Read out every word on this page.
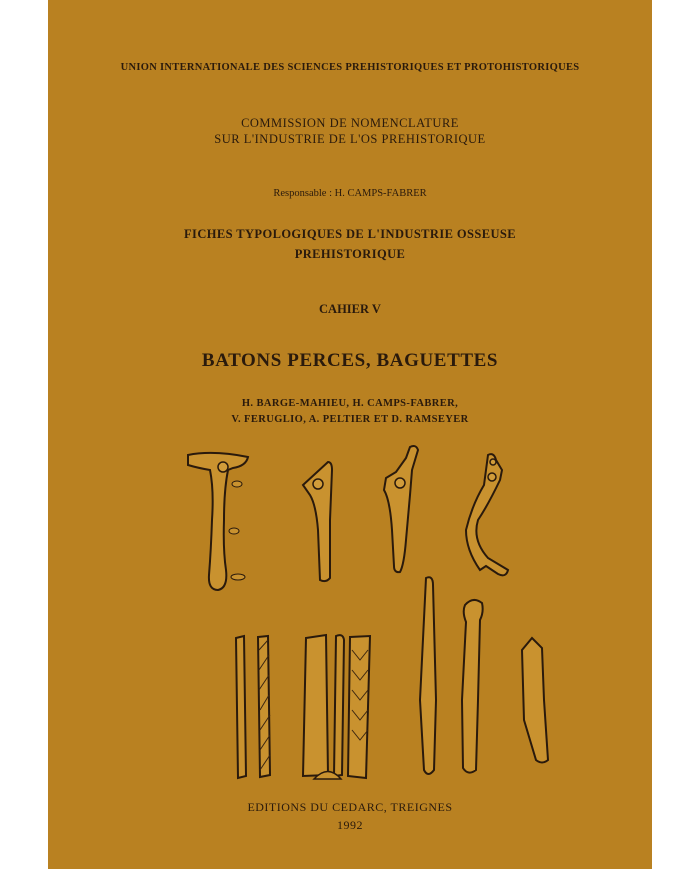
UNION INTERNATIONALE DES SCIENCES PREHISTORIQUES ET PROTOHISTORIQUES
COMMISSION DE NOMENCLATURE
SUR L'INDUSTRIE DE L'OS PREHISTORIQUE
Responsable : H. CAMPS-FABRER
FICHES TYPOLOGIQUES DE L'INDUSTRIE OSSEUSE
PREHISTORIQUE
CAHIER V
BATONS PERCES, BAGUETTES
H. BARGE-MAHIEU, H. CAMPS-FABRER,
V. FERUGLIO, A. PELTIER ET D. RAMSEYER
EDITIONS DU CEDARC, TREIGNES
1992
